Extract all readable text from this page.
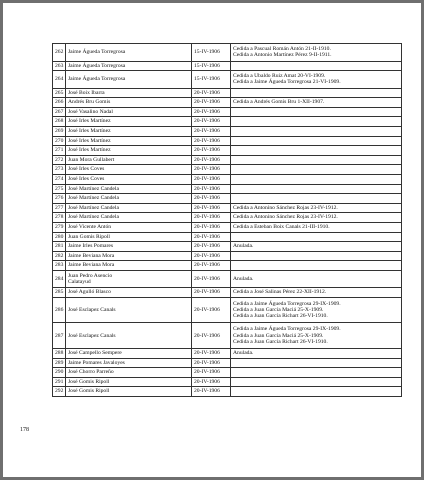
262	Jaime Águeda Torregrosa	15-IV-1906	Cedida a Pascual Román Antón 21-II-1910.
Cedida a Antonio Martínez Pérez 9-II-1911.

263	Jaime Águeda Torregrosa	15-IV-1906	
264	Jaime Águeda Torregrosa	15-IV-1906	Cedida a Ubaldo Ruiz Amat 20-VI-1909.
Cedida a Jaime Águeda Torregrosa 21-VI-1909.

265	José Boix Ibarra	20-IV-1906	
266	Andrés Bru Gomis	20-IV-1906	Cedida a Andrés Gomis Bru 1-XII-1907.

267	José Vasalino Nadal	20-IV-1906	
268	José Irles Martínez	20-IV-1906	
269	José Irles Martínez	20-IV-1906	
270	José Irles Martínez	20-IV-1906	
271	José Irles Martínez	20-IV-1906	
272	Juan Mora Gullabert	20-IV-1906	
273	José Irles Coves	20-IV-1906	
274	José Irles Coves	20-IV-1906	
275	José Martínez Candela	20-IV-1906	
276	José Martínez Candela	20-IV-1906	
277	José Martínez Candela	20-IV-1906	Cedida a Antonino Sánchez Rojas 23-IV-1912.

278	José Martínez Candela	20-IV-1906	Cedida a Antonino Sánchez Rojas 23-IV-1912.

279	José Vicente Antón	20-IV-1906	Cedida a Esteban Boix Canals 21-III-1910.

280	Juan Gomis Ripoll	20-IV-1906	
281	Jaime Irles Pomares	20-IV-1906	Anulada.

282	Jaime Beviana Mora	20-IV-1906	
283	Jaime Beviana Mora	20-IV-1906	
284	Juan Pedro Asencio
Calatayud	20-IV-1906	Anulada.

285	José Agulló Blasco	20-IV-1906	Cedida a José Salinas Pérez 22-XII-1912.

286	José Esclapez Canals	20-IV-1906	Cedida a Jaime Águeda Torregrosa 29-IX-1909.
Cedida a Juan García Maciá 25-X-1909.
Cedida a Juan García Richart 26-VI-1910.

287	José Esclapez Canals	20-IV-1906	Cedida a Jaime Águeda Torregrosa 29-IX-1909.
Cedida a Juan García Maciá 25-X-1909.
Cedida a Juan García Richart 26-VI-1910.

288	José Campello Sempere	20-IV-1906	Anulada.

289	Jaime Pomares Javaloyes	20-IV-1906	
290	José Chorro Parreño	20-IV-1906	
291	José Gomis Ripoll	20-IV-1906	
292	José Gomis Ripoll	20-IV-1906	
178
